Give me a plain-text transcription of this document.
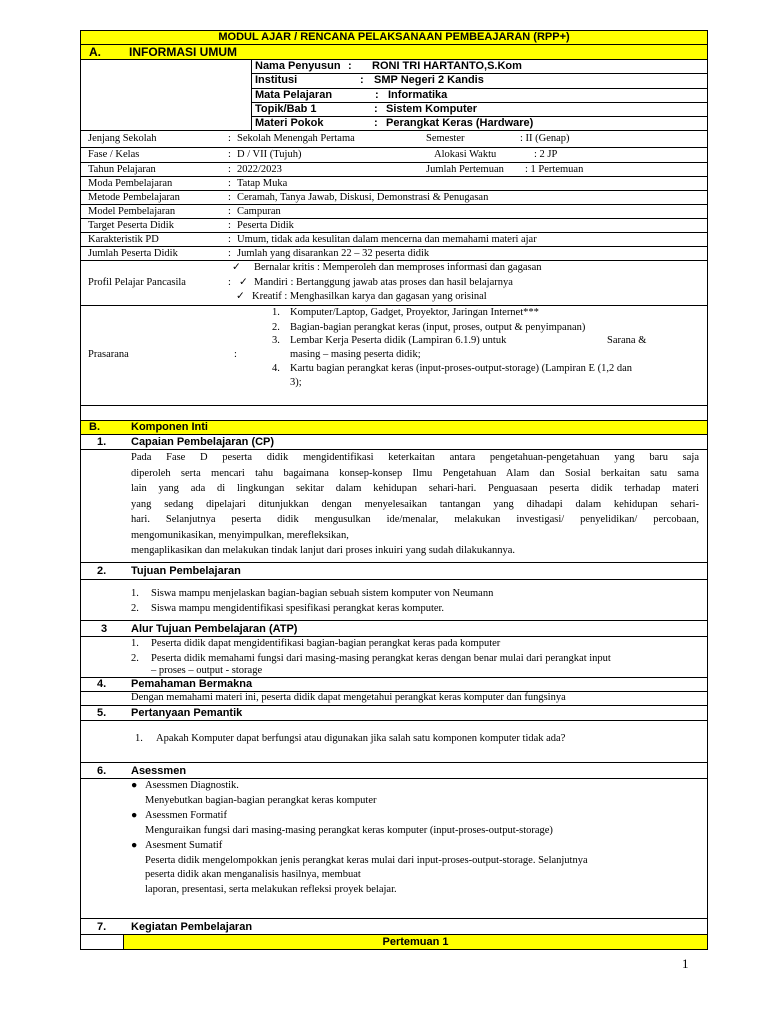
MODUL AJAR / RENCANA PELAKSANAAN PEMBEAJARAN (RPP+)
A. INFORMASI UMUM
Nama Penyusun : RONI TRI HARTANTO,S.Kom
Institusi	: SMP Negeri 2 Kandis
Mata Pelajaran	: Informatika
Topik/Bab 1	: Sistem Komputer
Materi Pokok	: Perangkat Keras (Hardware)
Jenjang Sekolah	: Sekolah Menengah Pertama	Semester	: II (Genap)
Fase / Kelas	: D / VII (Tujuh)	Alokasi Waktu	: 2 JP
Tahun Pelajaran	: 2022/2023	Jumlah Pertemuan : 1 Pertemuan
Moda Pembelajaran	: Tatap Muka
Metode Pembelajaran	: Ceramah, Tanya Jawab, Diskusi, Demonstrasi & Penugasan
Model Pembelajaran	: Campuran
Target Peserta Didik	: Peserta Didik
Karakteristik PD	: Umum, tidak ada kesulitan dalam mencerna dan memahami materi ajar
Jumlah Peserta Didik	: Jumlah yang disarankan 22 – 32 peserta didik
Profil Pelajar Pancasila	:
✓ Bernalar kritis : Memperoleh dan memproses informasi dan gagasan
✓ Mandiri : Bertanggung jawab atas proses dan hasil belajarnya
✓ Kreatif : Menghasilkan karya dan gagasan yang orisinal
Prasarana	:
1. Komputer/Laptop, Gadget, Proyektor, Jaringan Internet***
2. Bagian-bagian perangkat keras (input, proses, output & penyimpanan)
3. Lembar Kerja Peserta didik (Lampiran 6.1.9) untuk	Sarana &
masing – masing peserta didik;
4. Kartu bagian perangkat keras (input-proses-output-storage) (Lampiran E (1,2 dan
3);
B.	Komponen Inti
1. Capaian Pembelajaran (CP)
Pada Fase D peserta didik mengidentifikasi keterkaitan antara pengetahuan-pengetahuan yang baru saja
diperoleh serta mencari tahu bagaimana konsep-konsep Ilmu Pengetahuan Alam dan Sosial berkaitan satu sama
lain yang ada di lingkungan sekitar dalam kehidupan sehari-hari. Penguasaan peserta didik terhadap materi
yang sedang dipelajari ditunjukkan dengan menyelesaikan tantangan yang dihadapi dalam kehidupan sehari-
hari. Selanjutnya peserta didik mengusulkan ide/menalar, melakukan investigasi/ penyelidikan/ percobaan,
mengomunikasikan, menyimpulkan, merefleksikan,
mengaplikasikan dan melakukan tindak lanjut dari proses inkuiri yang sudah dilakukannya.
2. Tujuan Pembelajaran
1. Siswa mampu menjelaskan bagian-bagian sebuah sistem komputer von Neumann
2. Siswa mampu mengidentifikasi spesifikasi perangkat keras komputer.
3 Alur Tujuan Pembelajaran (ATP)
1. Peserta didik dapat mengidentifikasi bagian-bagian perangkat keras pada komputer
2. Peserta didik memahami fungsi dari masing-masing perangkat keras dengan benar mulai dari perangkat input
– proses – output - storage
4. Pemahaman Bermakna
Dengan memahami materi ini, peserta didik dapat mengetahui perangkat keras komputer dan fungsinya
5. Pertanyaan Pemantik
1. Apakah Komputer dapat berfungsi atau digunakan jika salah satu komponen komputer tidak ada?
6. Asessmen
● Asessmen Diagnostik.
Menyebutkan bagian-bagian perangkat keras komputer
● Asessmen Formatif
Menguraikan fungsi dari masing-masing perangkat keras komputer (input-proses-output-storage)
● Asesment Sumatif
Peserta didik mengelompokkan jenis perangkat keras mulai dari input-proses-output-storage. Selanjutnya
peserta didik akan menganalisis hasilnya, membuat
laporan, presentasi, serta melakukan refleksi proyek belajar.
7. Kegiatan Pembelajaran
Pertemuan 1
1
